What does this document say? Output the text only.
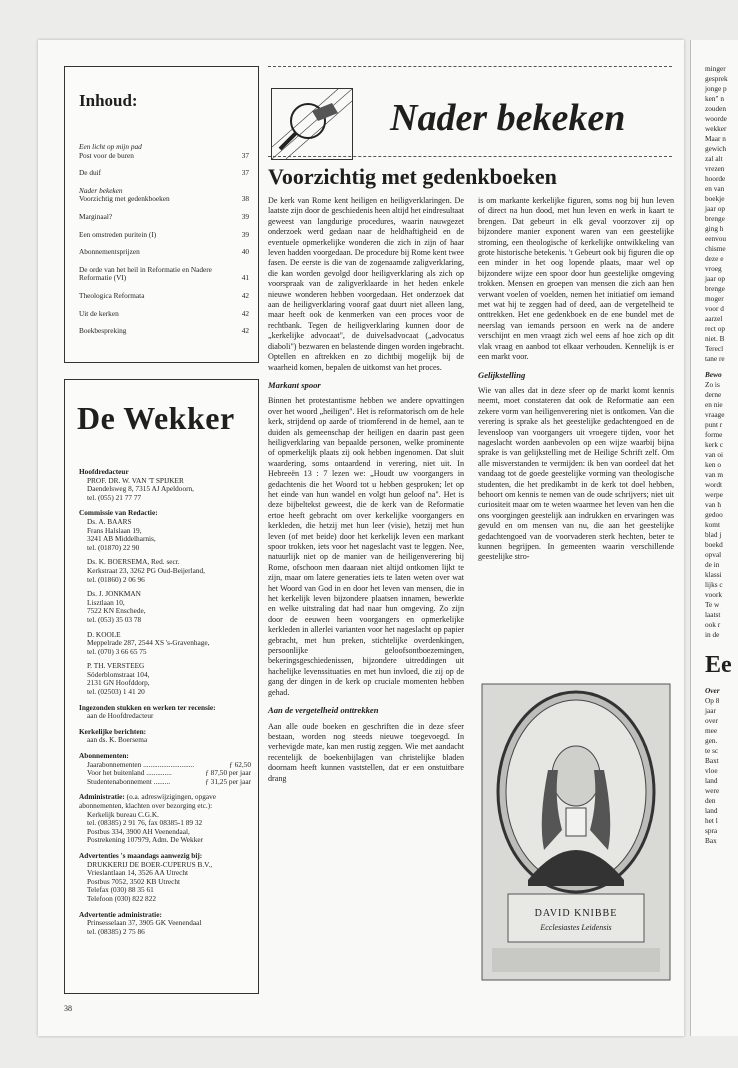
Inhoud:
Een licht op mijn pad
Post voor de buren	37
De duif	37
Nader bekeken
Voorzichtig met gedenkboeken	38
Marginaal?	39
Een omstreden puritein (I)	39
Abonnementsprijzen	40
De orde van het heil in Reformatie en Nadere Reformatie (VI)	41
Theologica Reformata	42
Uit de kerken	42
Boekbespreking	42
De Wekker
Hoofdredacteur
PROF. DR. W. VAN 'T SPIJKER
Daendelsweg 8, 7315 AJ Apeldoorn,
tel. (055) 21 77 77
Commissie van Redactie:
Ds. A. BAARS
Frans Halslaan 19,
3241 AB Middelharnis,
tel. (01870) 22 90
Ds. K. BOERSEMA, Red. secr.
Kerkstraat 23, 3262 PG Oud-Beijerland,
tel. (01860) 2 06 96
Ds. J. JONKMAN
Lisztlaan 10,
7522 KN Enschede,
tel. (053) 35 03 78
D. KOOLE
Meppelrade 287, 2544 XS 's-Gravenhage,
tel. (070) 3 66 65 75
P. TH. VERSTEEG
Söderblomstraat 104,
2131 GN Hoofddorp,
tel. (02503) 1 41 20
Ingezonden stukken en werken ter recensie:
aan de Hoofdredacteur
Kerkelijke berichten:
aan ds. K. Boersema
Abonnementen:
Jaarabonnementen ............................	ƒ 62,50
Voor het buitenland ..............	ƒ 87,50 per jaar
Studentenabonnement .........	ƒ 31,25 per jaar
Administratie: (o.a. adreswijzigingen, opgave abonnementen, klachten over bezorging etc.):
Kerkelijk bureau C.G.K.
tel. (08385) 2 91 76, fax 08385-1 89 32
Postbus 334, 3900 AH Veenendaal,
Postrekening 107979, Adm. De Wekker
Advertenties 's maandags aanwezig bij:
DRUKKERIJ DE BOER-CUPERUS B.V.,
Vrieslantlaan 14, 3526 AA Utrecht
Postbus 7052, 3502 KB Utrecht
Telefax (030) 88 35 61
Telefoon (030) 822 822
Advertentie administratie:
Prinsesselaan 37, 3905 GK Veenendaal
tel. (08385) 2 75 86
38
Nader bekeken
Voorzichtig met gedenkboeken

De kerk van Rome kent heiligen en heiligverklaringen. De laatste zijn door de geschiedenis heen altijd het eindresultaat geweest van langdurige procedures, waarin nauwgezet onderzoek werd gedaan naar de heldhaftigheid en de eventuele opmerkelijke wonderen die zich in zijn of haar leven hadden voorgedaan. De procedure bij Rome kent twee fasen. De eerste is die van de zogenaamde zaligverklaring, die kan worden gevolgd door heiligverklaring als zich op voorspraak van de zaligverklaarde in het heden enkele nieuwe wonderen hebben voorgedaan. Het onderzoek dat aan de heiligverklaring vooraf gaat duurt niet alleen lang, maar heeft ook de kenmerken van een proces voor de rechtbank. Tegen de heiligverklaring kunnen door de „kerkelijke advocaat", de duivelsadvocaat („advocatus diaboli") bezwaren en belastende dingen worden ingebracht. Optellen en aftrekken en zo dichtbij mogelijk bij de waarheid komen, bepalen de uitkomst van het proces.

Markant spoor

Binnen het protestantisme hebben we andere opvattingen over het woord „heiligen". Het is reformatorisch om de hele kerk, strijdend op aarde of triomferend in de hemel, aan te duiden als gemeenschap der heiligen en daarin past geen heiligverklaring van bepaalde personen, welke prominente of opmerkelijk plaats zij ook hebben ingenomen. Dat sluit waardering, soms ontaardend in verering, niet uit. In Hebreeën 13 : 7 lezen we: „Houdt uw voorgangers in gedachtenis die het Woord tot u hebben gesproken; let op het einde van hun wandel en volgt hun geloof na". Het is deze bijbeltekst geweest, die de kerk van de Reformatie ertoe heeft gebracht om over kerkelijke voorgangers en kerkleden, die hetzij met hun leer (visie), hetzij met hun leven (of met beide) door het kerkelijk leven een markant spoor trokken, iets voor het nageslacht vast te leggen. Nee, natuurlijk niet op de manier van de heiligenverering bij Rome, ofschoon men daaraan niet altijd ontkomen lijkt te zijn, maar om latere generaties iets te laten weten over wat het Woord van God in en door het leven van mensen, die in het kerkelijk leven bijzondere plaatsen innamen, bewerkte en welke uitstraling dat had naar hun omgeving. Zo zijn door de eeuwen heen voorgangers en opmerkelijke kerkleden in allerlei varianten voor het nageslacht op papier gebracht, met hun preken, stichtelijke overdenkingen, persoonlijke geloofsontboezemingen, bekeringsgeschiedenissen, bijzondere uitreddingen uit hachelijke levenssituaties en met hun invloed, die zij op de gang der dingen in de kerk op cruciale momenten hebben gehad.

Aan de vergetelheid onttrekken

Aan alle oude boeken en geschriften die in deze sfeer bestaan, worden nog steeds nieuwe toegevoegd. In verhevigde mate, kan men rustig zeggen. Wie met aandacht recentelijk de boekenbijlagen van christelijke bladen doornam heeft kunnen vaststellen, dat er een onstuitbare drang

is om markante kerkelijke figuren, soms nog bij hun leven of direct na hun dood, met hun leven en werk in kaart te brengen. Dat gebeurt in elk geval voorzover zij op bijzondere manier exponent waren van een geestelijke stroming, een theologische of kerkelijke ontwikkeling van grote historische betekenis. 't Gebeurt ook bij figuren die op een minder in het oog lopende plaats, maar wel op bijzondere wijze een spoor door hun geestelijke omgeving trokken. Mensen en groepen van mensen die zich aan hen verwant voelen of voelden, nemen het initiatief om iemand met wat hij te zeggen had of deed, aan de vergetelheid te onttrekken. Het ene gedenkboek en de ene bundel met de neerslag van iemands persoon en werk na de andere verschijnt en men vraagt zich wel eens af hoe zich op dit vlak vraag en aanbod tot elkaar verhouden. Kennelijk is er een markt voor.

Gelijkstelling

Wie van alles dat in deze sfeer op de markt komt kennis neemt, moet constateren dat ook de Reformatie aan een zekere vorm van heiligenverering niet is ontkomen. Van die verering is sprake als het geestelijke gedachtengoed en de levensloop van voorgangers uit vroegere tijden, voor het nageslacht worden aanbevolen op een wijze waarbij bijna sprake is van gelijkstelling met de Heilige Schrift zelf. Om alle misverstanden te vermijden: ik ben van oordeel dat het vandaag tot de goede geestelijke vorming van theologische studenten, die het predikambt in de kerk tot doel hebben, behoort om kennis te nemen van de oude schrijvers; niet uit curiositeit maar om te weten waarmee het leven van hen die ons voorgingen geestelijk aan indrukken en ervaringen was gevuld en om mensen van nu, die aan het geestelijke gedachtengoed van de voorvaderen sterk hechten, beter te kunnen begrijpen. In gemeenten waarin verschillende geestelijke stro-

DAVID KNIBBE
Ecclesiastes Leidensis
minger
gesprek
jonge p
ken" n
zouden
woorde
wekker
Maar n
gewich
zal alt
vrezen
hoorde
en van
boekje
jaar op
brenge
ging h
eenvou
chisme
deze e
vroeg
jaar op
brenge
moger
voor d
aarzel
rect op
niet. B
Terecl
tane re
Bewo
Zo is
derne
en nie
vraage
punt r
forme
kerk c
van oi
ken o
van m
wordt
werpe
van h
gedoo
komt
blad j
boekd
opval
de in
klassi
lijks c
voork
Te w
laatst
ook r
in de
Ee
Over
Op 8
jaar
over
mee
gen.
te sc
Baxt
vloe
land
were
den
land
het l
spra
Bax
